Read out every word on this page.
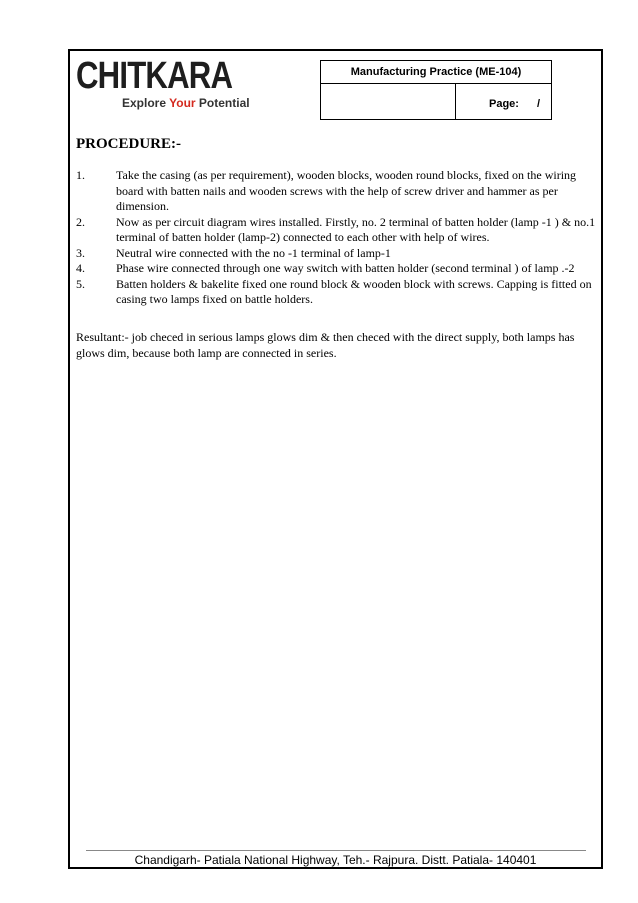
CHITKARA
Explore Your Potential
Manufacturing Practice (ME-104)
Page: /
PROCEDURE:-
1.	Take the casing (as per requirement), wooden blocks, wooden round blocks, fixed on the wiring board with batten nails and wooden screws with the help of screw driver and hammer as per dimension.
2.	Now as per circuit diagram wires installed. Firstly, no. 2 terminal of batten holder (lamp -1 ) & no.1 terminal of batten holder (lamp-2) connected to each other with help of wires.
3.	Neutral wire connected with the no -1 terminal of lamp-1
4.	Phase wire connected through one way switch with batten holder (second terminal ) of lamp .-2
5.	Batten holders & bakelite fixed one round block & wooden block with screws. Capping is fitted on casing two lamps fixed on battle holders.
Resultant:- job checed in serious lamps glows dim & then checed with the direct supply, both lamps has glows dim, because both lamp are connected in series.
Chandigarh- Patiala National Highway, Teh.- Rajpura. Distt. Patiala- 140401
